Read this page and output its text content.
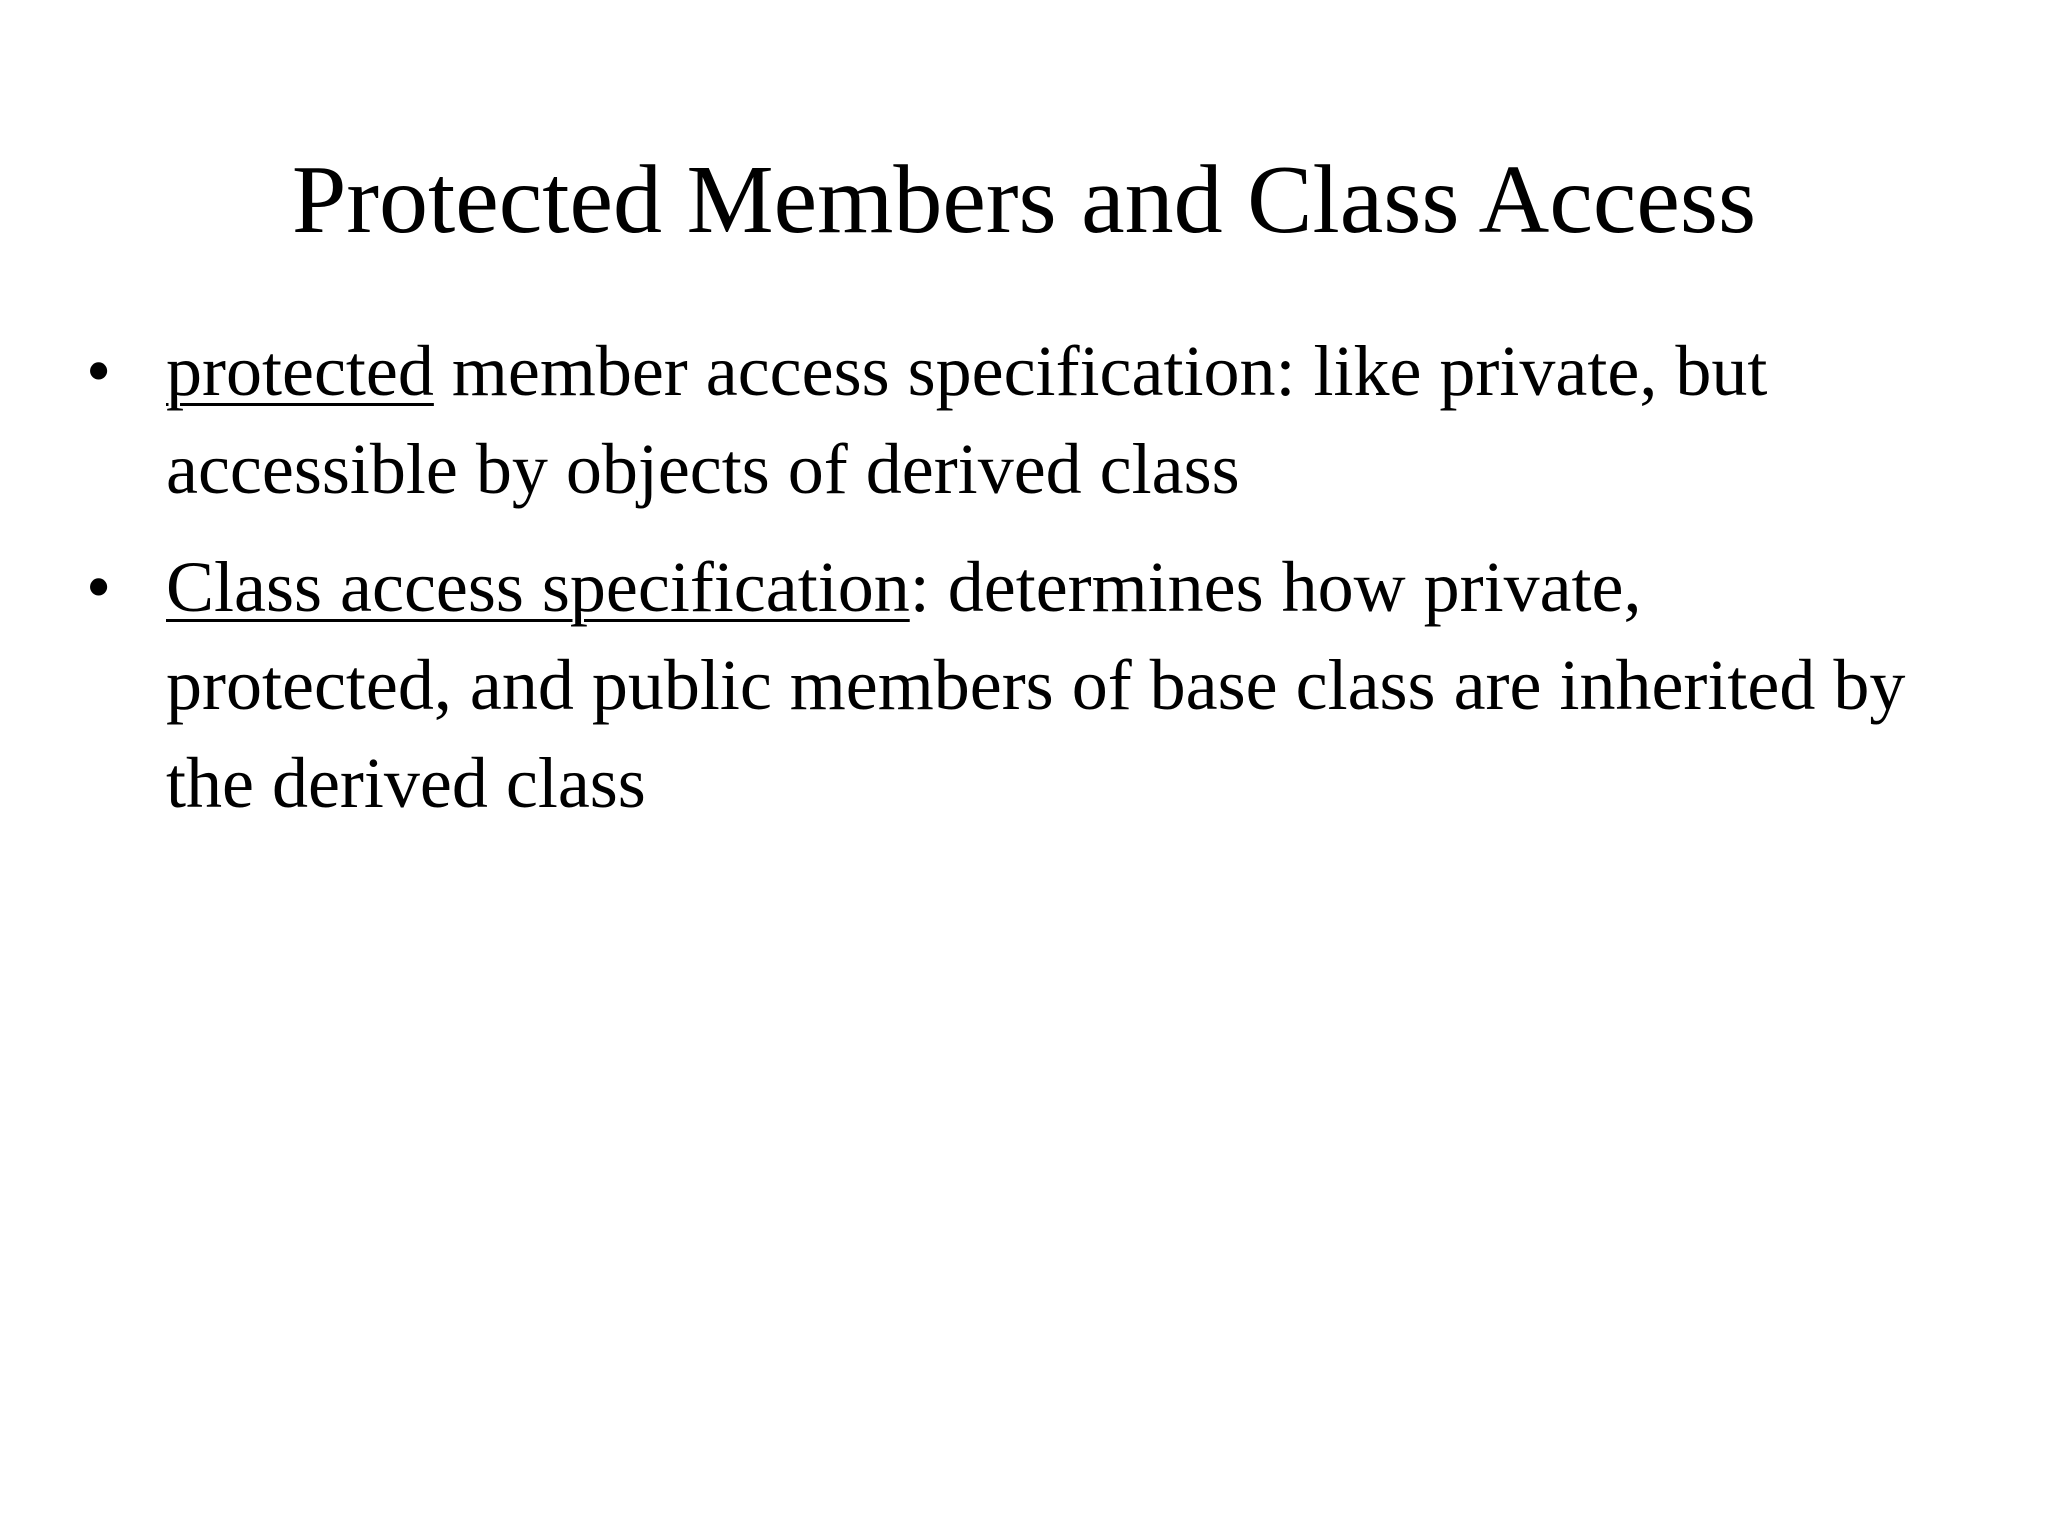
Protected Members and Class Access
• protected member access specification: like private, but accessible by objects of derived class
• Class access specification: determines how private, protected, and public members of base class are inherited by the derived class
